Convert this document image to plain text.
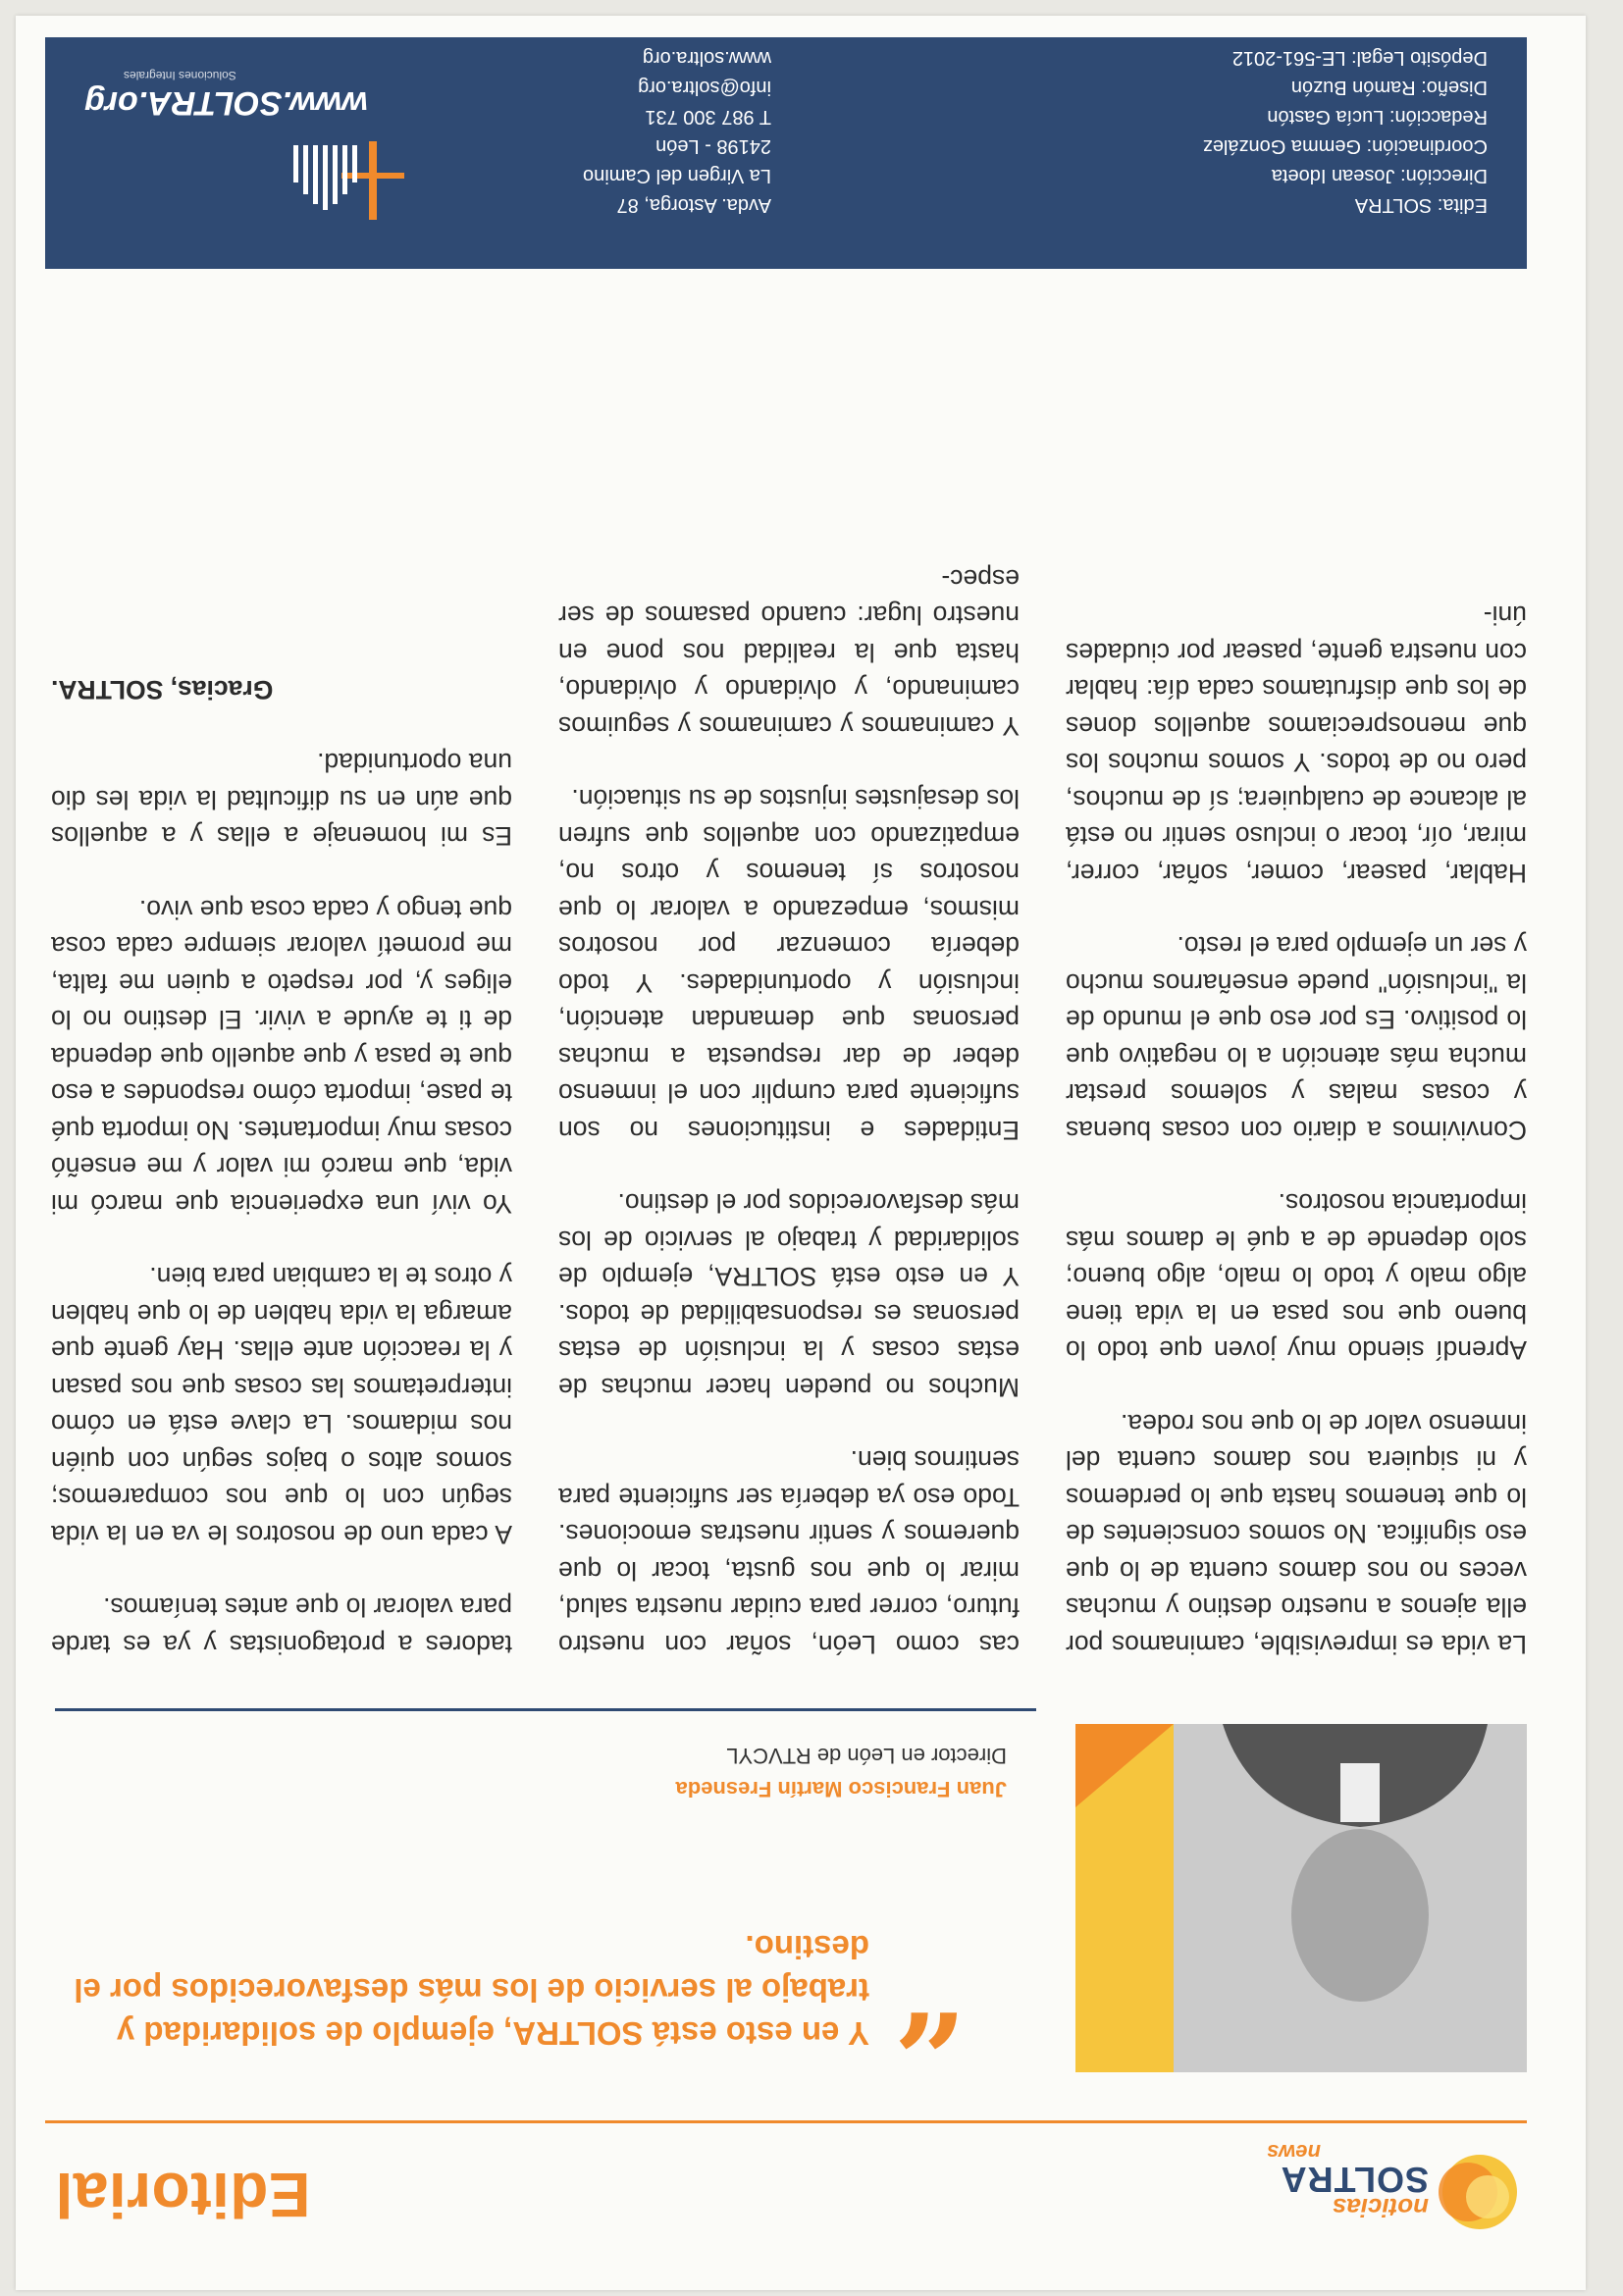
noticias
SOLTRA
news
Editorial
“
Y en esto está SOLTRA, ejemplo de solidaridad y trabajo al servicio de los más desfavorecidos por el destino.
Juan Francisco Martín Fresneda
Director en León de RTVCYL

La vida es imprevisible, caminamos por ella ajenos a nuestro destino y muchas veces no nos damos cuenta de lo que eso significa. No somos conscientes de lo que tenemos hasta que lo perdemos y ni siquiera nos damos cuenta del inmenso valor de lo que nos rodea.

Aprendí siendo muy joven que todo lo bueno que nos pasa en la vida tiene algo malo y todo lo malo, algo bueno; solo depende de a qué le damos más importancia nosotros.

Convivimos a diario con cosas buenas y cosas malas y solemos prestar mucha más atención a lo negativo que lo positivo. Es por eso que el mundo de la "inclusión" puede enseñarnos mucho y ser un ejemplo para el resto.

Hablar, pasear, comer, soñar, correr, mirar, oír, tocar o incluso sentir no está al alcance de cualquiera; sí de muchos, pero no de todos. Y somos muchos los que menospreciamos aquellos dones de los que disfrutamos cada día: hablar con nuestra gente, pasear por ciudades úni-

cas como León, soñar con nuestro futuro, correr para cuidar nuestra salud, mirar lo que nos gusta, tocar lo que queremos y sentir nuestras emociones. Todo eso ya debería ser suficiente para sentirnos bien.

Muchos no pueden hacer muchas de estas cosas y la inclusión de estas personas es responsabilidad de todos. Y en esto está SOLTRA, ejemplo de solidaridad y trabajo al servicio de los más desfavorecidos por el destino.

Entidades e instituciones no son suficiente para cumplir con el inmenso deber de dar respuesta a muchas personas que demandan atención, inclusión y oportunidades. Y todo debería comenzar por nosotros mismos, empezando a valorar lo que nosotros sí tenemos y otros no, empatizando con aquellos que sufren los desajustes injustos de su situación.

Y caminamos y caminamos y seguimos caminando, y olvidando y olvidando, hasta que la realidad nos pone en nuestro lugar: cuando pasamos de ser espec-

tadores a protagonistas y ya es tarde para valorar lo que antes teníamos.

A cada uno de nosotros le va en la vida según con lo que nos comparemos; somos altos o bajos según con quién nos midamos. La clave está en cómo interpretamos las cosas que nos pasan y la reacción ante ellas. Hay gente que amarga la vida hablen de lo que hablen y otros te la cambian para bien.

Yo viví una experiencia que marcó mi vida, que marcó mi valor y me enseñó cosas muy importantes. No importa qué te pase, importa cómo respondes a eso que te pasa y que aquello que dependa de ti te ayude a vivir. El destino no lo eliges y, por respeto a quien me falta, me prometí valorar siempre cada cosa que tengo y cada cosa que vivo.

Es mi homenaje a ellas y a aquellos que aún en su dificultad la vida les dio una oportunidad.

Gracias, SOLTRA.

Edita: SOLTRA
Dirección: Josean Idoeta
Coordinación: Gemma González
Redacción: Lucía Gastón
Diseño: Ramón Buzón
Depósito Legal: LE-561-2012
Avda. Astorga, 87
La Virgen del Camino
24198 - León
T 987 300 731
info@soltra.org
www.soltra.org
www.SOLTRA.org
Soluciones Integrales
